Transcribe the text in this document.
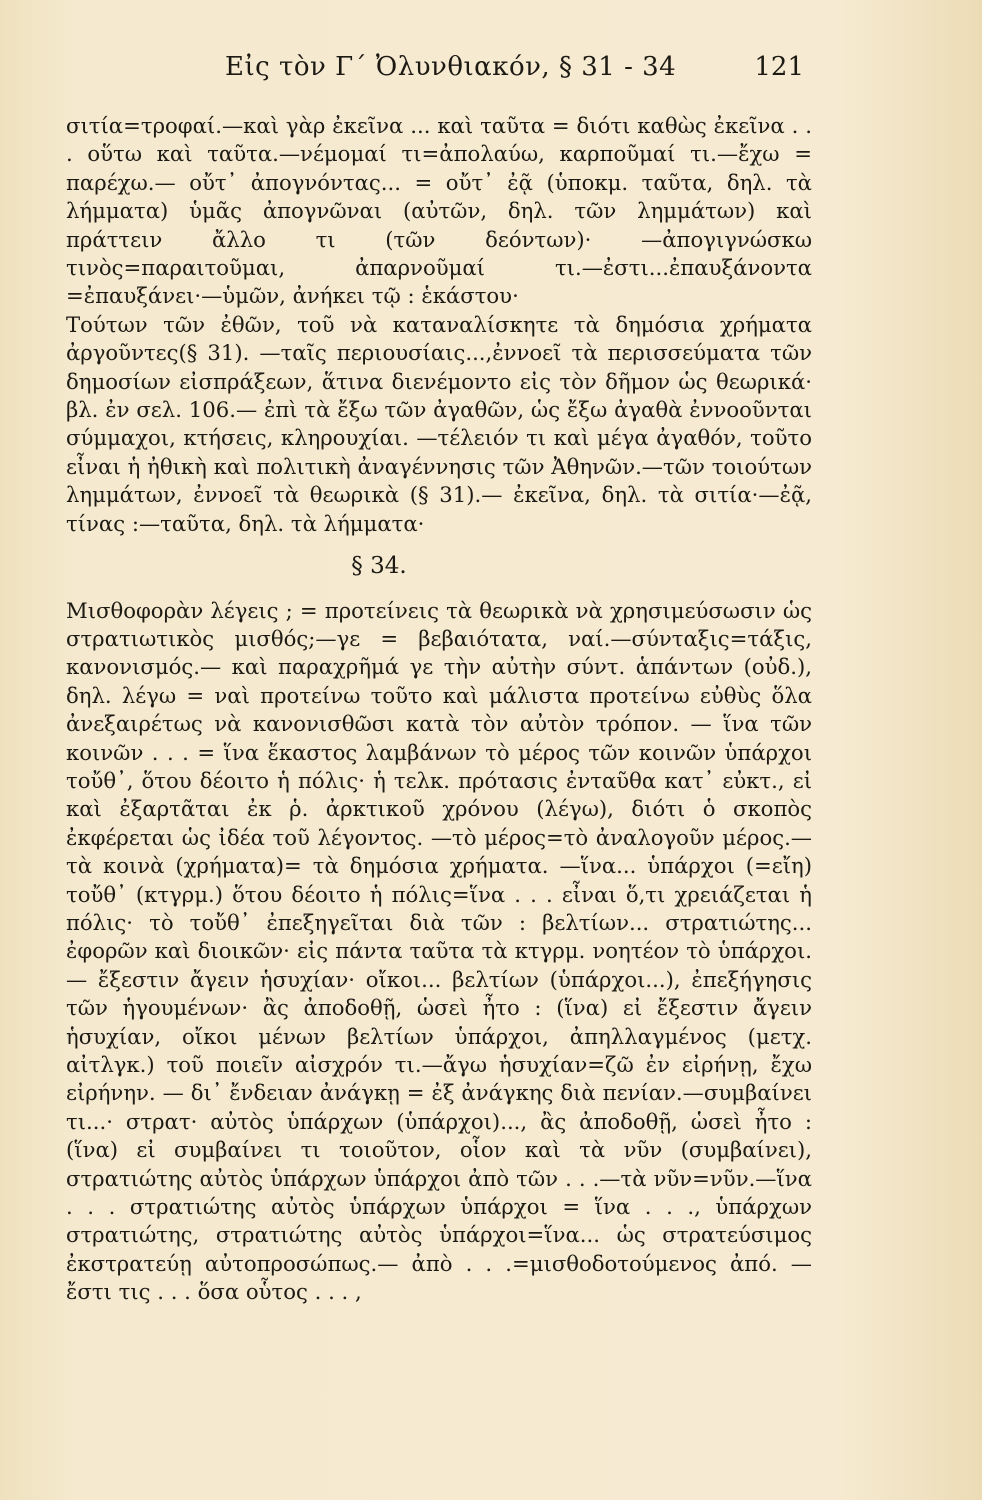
Εἰς τὸν Γ΄ Ὀλυνθιακόν, § 31 - 34	121

σιτία=τροφαί.—καὶ γὰρ ἐκεῖνα ... καὶ ταῦτα = διότι καθὼς ἐκεῖνα . . . οὕτω καὶ ταῦτα.—νέμομαί τι=ἀπολαύω, καρποῦμαί τι.—ἔχω = παρέχω.— οὔτ᾽ ἀπογνόντας... = οὔτ᾽ ἐᾷ (ὑποκμ. ταῦτα, δηλ. τὰ λήμματα) ὑμᾶς ἀπογνῶναι (αὐτῶν, δηλ. τῶν λημμάτων) καὶ πράττειν ἄλλο τι (τῶν δεόντων)· —ἀπογιγνώσκω τινὸς=παραιτοῦμαι, ἀπαρνοῦμαί τι.—ἐστι...ἐπαυξάνοντα =ἐπαυξάνει·—ὑμῶν, ἀνήκει τῷ : ἑκάστου·

Τούτων τῶν ἐθῶν, τοῦ νὰ καταναλίσκητε τὰ δημόσια χρήματα ἀργοῦντες(§ 31). —ταῖς περιουσίαις...,ἐννοεῖ τὰ περισσεύματα τῶν δημοσίων εἰσπράξεων, ἅτινα διενέμοντο εἰς τὸν δῆμον ὡς θεωρικά· βλ. ἐν σελ. 106.— ἐπὶ τὰ ἔξω τῶν ἀγαθῶν, ὡς ἔξω ἀγαθὰ ἐννοοῦνται σύμμαχοι, κτήσεις, κληρουχίαι. —τέλειόν τι καὶ μέγα ἀγαθόν, τοῦτο εἶναι ἡ ἠθικὴ καὶ πολιτικὴ ἀναγέννησις τῶν Ἀθηνῶν.—τῶν τοιούτων λημμάτων, ἐννοεῖ τὰ θεωρικὰ (§ 31).— ἐκεῖνα, δηλ. τὰ σιτία·—ἐᾷ, τίνας :—ταῦτα, δηλ. τὰ λήμματα·

§ 34.

Μισθοφορὰν λέγεις ; = προτείνεις τὰ θεωρικὰ νὰ χρησιμεύσωσιν ὡς στρατιωτικὸς μισθός;—γε = βεβαιότατα, ναί.—σύνταξις=τάξις, κανονισμός.— καὶ παραχρῆμά γε τὴν αὐτὴν σύντ. ἁπάντων (οὐδ.), δηλ. λέγω = ναὶ προτείνω τοῦτο καὶ μάλιστα προτείνω εὐθὺς ὅλα ἀνεξαιρέτως νὰ κανονισθῶσι κατὰ τὸν αὐτὸν τρόπον. — ἵνα τῶν κοινῶν . . . = ἵνα ἕκαστος λαμβάνων τὸ μέρος τῶν κοινῶν ὑπάρχοι τοὔθ᾽, ὅτου δέοιτο ἡ πόλις· ἡ τελκ. πρότασις ἐνταῦθα κατ᾽ εὐκτ., εἰ καὶ ἐξαρτᾶται ἐκ ῥ. ἀρκτικοῦ χρόνου (λέγω), διότι ὁ σκοπὸς ἐκφέρεται ὡς ἰδέα τοῦ λέγοντος. —τὸ μέρος=τὸ ἀναλογοῦν μέρος.—τὰ κοινὰ (χρήματα)= τὰ δημόσια χρήματα. —ἵνα... ὑπάρχοι (=εἴη) τοὔθ᾽ (κτγρμ.) ὅτου δέοιτο ἡ πόλις=ἵνα . . . εἶναι ὅ,τι χρειάζεται ἡ πόλις· τὸ τοὔθ᾽ ἐπεξηγεῖται διὰ τῶν : βελτίων... στρατιώτης... ἐφορῶν καὶ διοικῶν· εἰς πάντα ταῦτα τὰ κτγρμ. νοητέον τὸ ὑπάρχοι.— ἔξεστιν ἄγειν ἡσυχίαν· οἴκοι... βελτίων (ὑπάρχοι...), ἐπεξήγησις τῶν ἡγουμένων· ἂς ἀποδοθῇ, ὡσεὶ ἦτο : (ἵνα) εἰ ἔξεστιν ἄγειν ἡσυχίαν, οἴκοι μένων βελτίων ὑπάρχοι, ἀπηλλαγμένος (μετχ. αἰτλγκ.) τοῦ ποιεῖν αἰσχρόν τι.—ἄγω ἡσυχίαν=ζῶ ἐν εἰρήνῃ, ἔχω εἰρήνην. — δι᾽ ἔνδειαν ἀνάγκῃ = ἐξ ἀνάγκης διὰ πενίαν.—συμβαίνει τι...· στρατ· αὐτὸς ὑπάρχων (ὑπάρχοι)..., ἂς ἀποδοθῇ, ὡσεὶ ἦτο : (ἵνα) εἰ συμβαίνει τι τοιοῦτον, οἷον καὶ τὰ νῦν (συμβαίνει), στρατιώτης αὐτὸς ὑπάρχων ὑπάρχοι ἀπὸ τῶν . . .—τὰ νῦν=νῦν.—ἵνα . . . στρατιώτης αὐτὸς ὑπάρχων ὑπάρχοι = ἵνα . . ., ὑπάρχων στρατιώτης, στρατιώτης αὐτὸς ὑπάρχοι=ἵνα... ὡς στρατεύσιμος ἐκστρατεύῃ αὐτοπροσώπως.— ἀπὸ . . .=μισθοδοτούμενος ἀπό. —ἔστι τις . . . ὅσα οὗτος . . . ,
